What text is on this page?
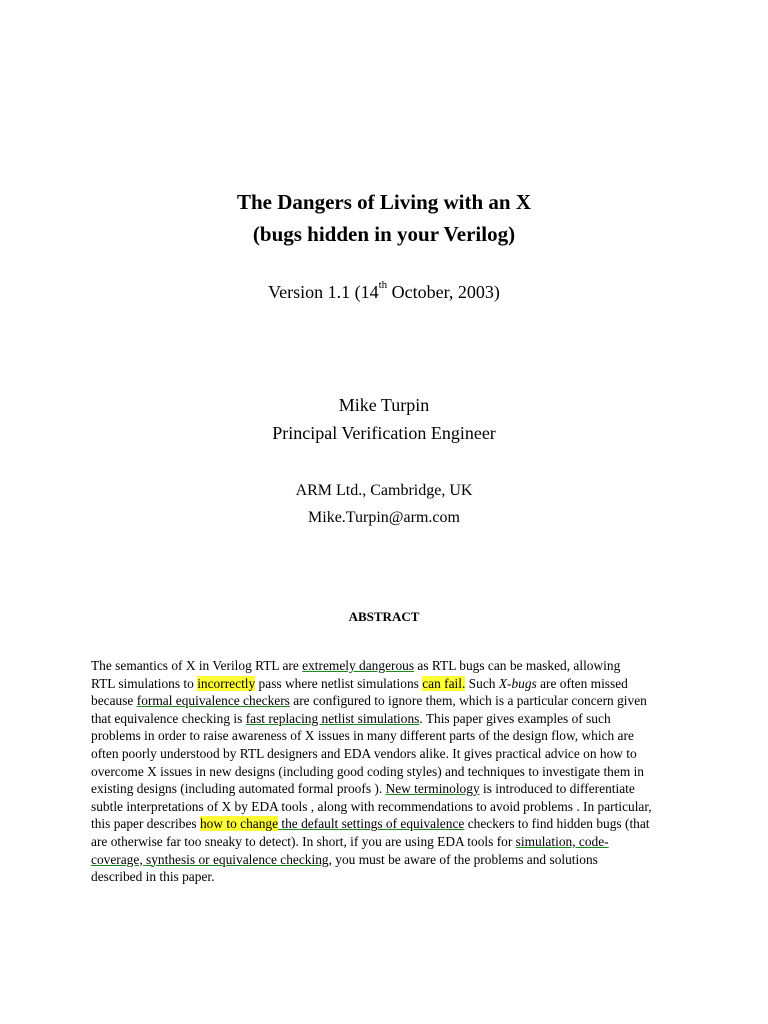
The Dangers of Living with an X
(bugs hidden in your Verilog)
Version 1.1 (14th October, 2003)
Mike Turpin
Principal Verification Engineer
ARM Ltd., Cambridge, UK
Mike.Turpin@arm.com
ABSTRACT
The semantics of X in Verilog RTL are extremely dangerous as RTL bugs can be masked, allowing
RTL simulations to incorrectly pass where netlist simulations can fail. Such X-bugs are often missed
because formal equivalence checkers are configured to ignore them, which is a particular concern given
that equivalence checking is fast replacing netlist simulations. This paper gives examples of such
problems in order to raise awareness of X issues in many different parts of the design flow, which are
often poorly understood by RTL designers and EDA vendors alike. It gives practical advice on how to
overcome X issues in new designs (including good coding styles) and techniques to investigate them in
existing designs (including automated formal proofs ). New terminology is introduced to differentiate
subtle interpretations of X by EDA tools , along with recommendations to avoid problems . In particular,
this paper describes how to change the default settings of equivalence checkers to find hidden bugs (that
are otherwise far too sneaky to detect). In short, if you are using EDA tools for simulation, code-
coverage, synthesis or equivalence checking, you must be aware of the problems and solutions
described in this paper.
